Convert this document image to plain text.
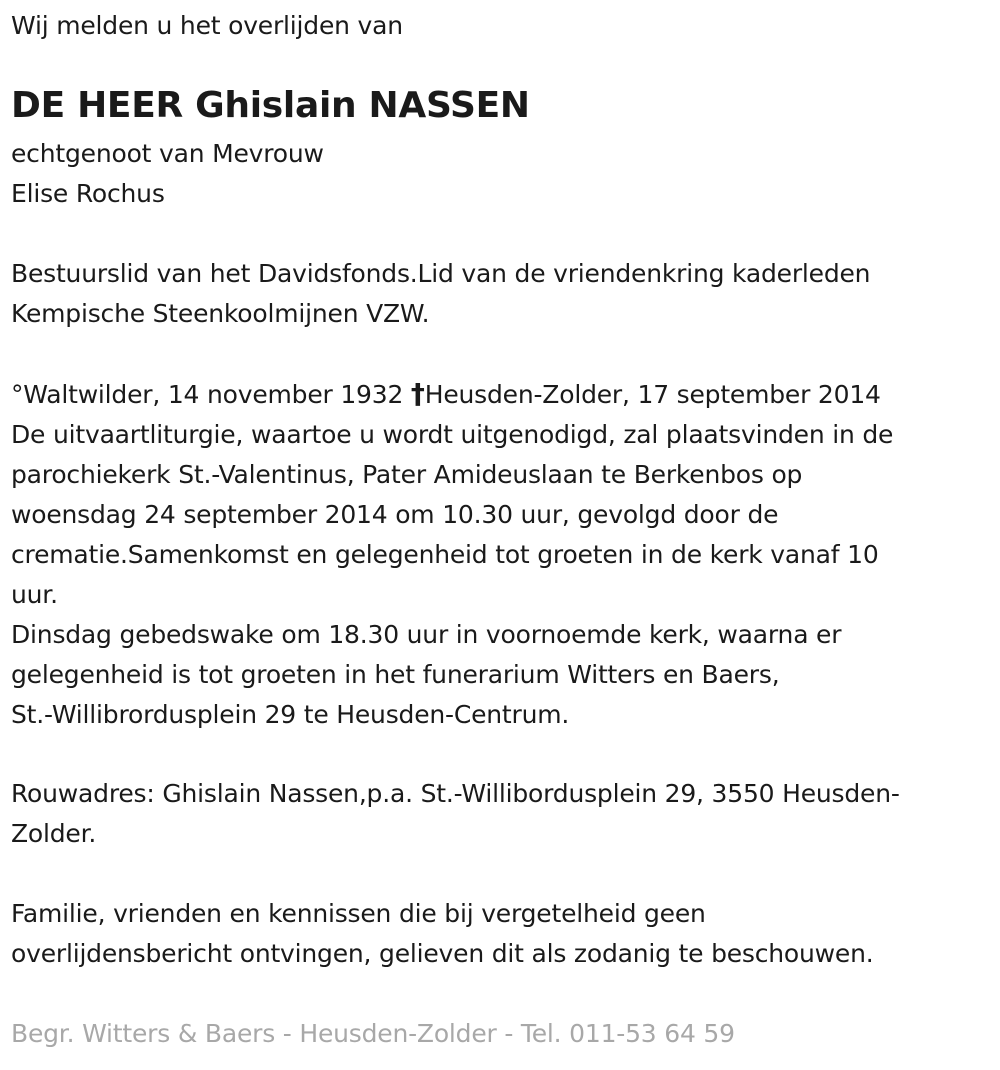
Wij melden u het overlijden van
DE HEER Ghislain NASSEN
echtgenoot van Mevrouw
Elise Rochus
Bestuurslid van het Davidsfonds.Lid van de vriendenkring kaderleden
Kempische Steenkoolmijnen VZW.
°Waltwilder, 14 november 1932 †Heusden-Zolder, 17 september 2014
De uitvaartliturgie, waartoe u wordt uitgenodigd, zal plaatsvinden in de
parochiekerk St.-Valentinus, Pater Amideuslaan te Berkenbos op
woensdag 24 september 2014 om 10.30 uur, gevolgd door de
crematie.Samenkomst en gelegenheid tot groeten in de kerk vanaf 10
uur.
Dinsdag gebedswake om 18.30 uur in voornoemde kerk, waarna er
gelegenheid is tot groeten in het funerarium Witters en Baers,
St.-Willibrordusplein 29 te Heusden-Centrum.
Rouwadres: Ghislain Nassen,p.a. St.-Willibordusplein 29, 3550 Heusden-
Zolder.
Familie, vrienden en kennissen die bij vergetelheid geen
overlijdensbericht ontvingen, gelieven dit als zodanig te beschouwen.
Begr. Witters & Baers - Heusden-Zolder - Tel. 011-53 64 59
